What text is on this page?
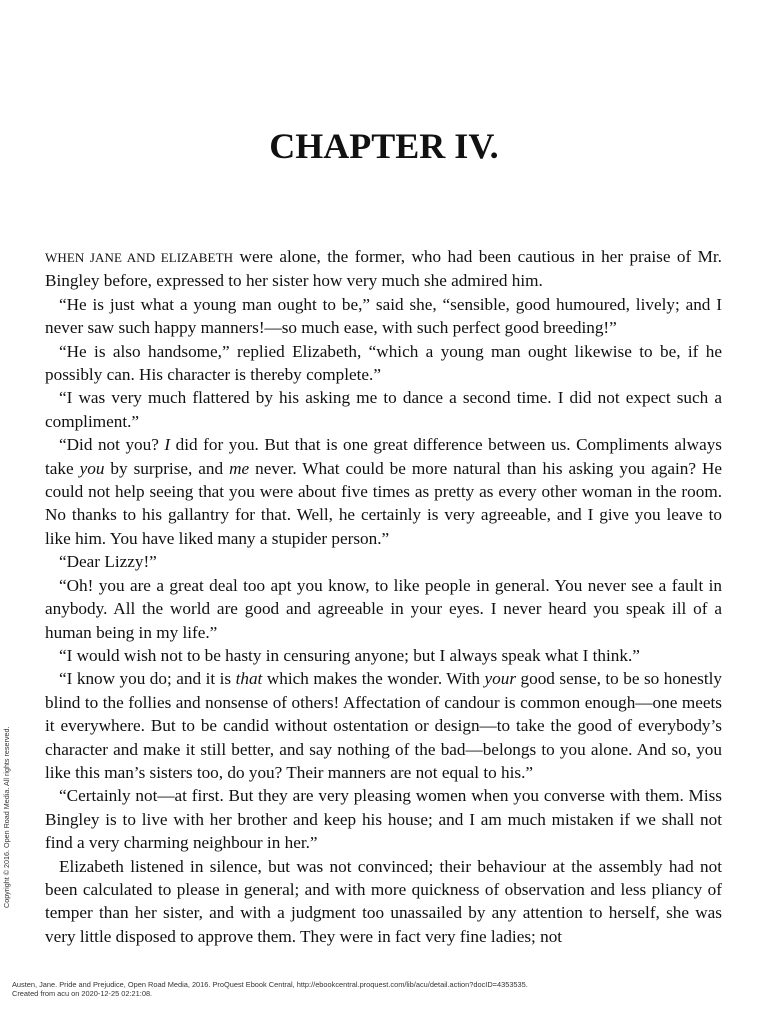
CHAPTER IV.

WHEN JANE AND ELIZABETH were alone, the former, who had been cautious in her praise of Mr. Bingley before, expressed to her sister how very much she admired him.

“He is just what a young man ought to be,” said she, “sensible, good humoured, lively; and I never saw such happy manners!—so much ease, with such perfect good breeding!”

“He is also handsome,” replied Elizabeth, “which a young man ought likewise to be, if he possibly can. His character is thereby complete.”

“I was very much flattered by his asking me to dance a second time. I did not expect such a compliment.”

“Did not you? I did for you. But that is one great difference between us. Compliments always take you by surprise, and me never. What could be more natural than his asking you again? He could not help seeing that you were about five times as pretty as every other woman in the room. No thanks to his gallantry for that. Well, he certainly is very agreeable, and I give you leave to like him. You have liked many a stupider person.”

“Dear Lizzy!”

“Oh! you are a great deal too apt you know, to like people in general. You never see a fault in anybody. All the world are good and agreeable in your eyes. I never heard you speak ill of a human being in my life.”

“I would wish not to be hasty in censuring anyone; but I always speak what I think.”

“I know you do; and it is that which makes the wonder. With your good sense, to be so honestly blind to the follies and nonsense of others! Affectation of candour is common enough—one meets it everywhere. But to be candid without ostentation or design—to take the good of everybody’s character and make it still better, and say nothing of the bad—belongs to you alone. And so, you like this man’s sisters too, do you? Their manners are not equal to his.”

“Certainly not—at first. But they are very pleasing women when you converse with them. Miss Bingley is to live with her brother and keep his house; and I am much mistaken if we shall not find a very charming neighbour in her.”

Elizabeth listened in silence, but was not convinced; their behaviour at the assembly had not been calculated to please in general; and with more quickness of observation and less pliancy of temper than her sister, and with a judgment too unassailed by any attention to herself, she was very little disposed to approve them. They were in fact very fine ladies; not

Copyright © 2016. Open Road Media. All rights reserved.
Austen, Jane. Pride and Prejudice, Open Road Media, 2016. ProQuest Ebook Central, http://ebookcentral.proquest.com/lib/acu/detail.action?docID=4353535.
Created from acu on 2020-12-25 02:21:08.
